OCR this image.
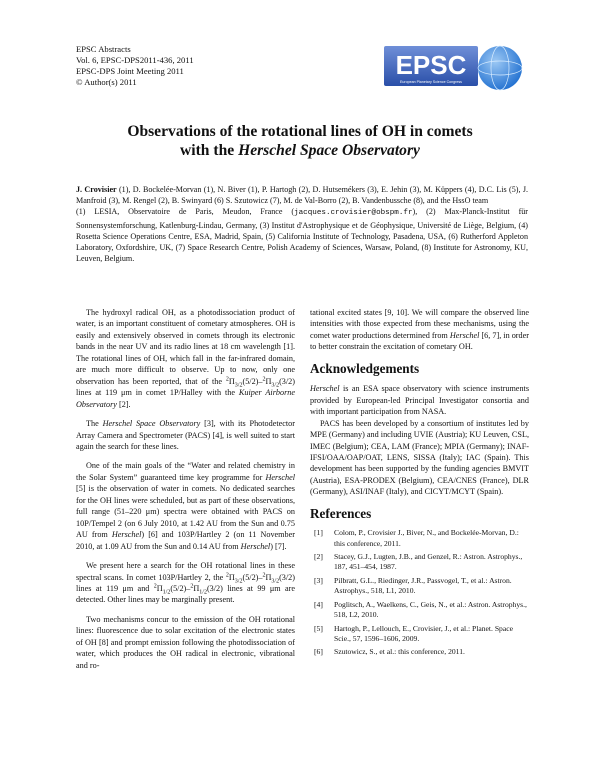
EPSC Abstracts
Vol. 6, EPSC-DPS2011-436, 2011
EPSC-DPS Joint Meeting 2011
© Author(s) 2011
EPSC
European Planetary Science Congress
Observations of the rotational lines of OH in comets
with the Herschel Space Observatory
J. Crovisier (1), D. Bockelée-Morvan (1), N. Biver (1), P. Hartogh (2), D. Hutsemékers (3), E. Jehin (3), M. Küppers (4), D.C. Lis (5), J. Manfroid (3), M. Rengel (2), B. Swinyard (6) S. Szutowicz (7), M. de Val-Borro (2), B. Vandenbussche (8), and the HssO team
(1) LESIA, Observatoire de Paris, Meudon, France (jacques.crovisier@obspm.fr), (2) Max-Planck-Institut für Sonnensystemforschung, Katlenburg-Lindau, Germany, (3) Institut d'Astrophysique et de Géophysique, Université de Liège, Belgium, (4) Rosetta Science Operations Centre, ESA, Madrid, Spain, (5) California Institute of Technology, Pasadena, USA, (6) Rutherford Appleton Laboratory, Oxfordshire, UK, (7) Space Research Centre, Polish Academy of Sciences, Warsaw, Poland, (8) Institute for Astronomy, KU, Leuven, Belgium.

The hydroxyl radical OH, as a photodissociation product of water, is an important constituent of cometary atmospheres. OH is easily and extensively observed in comets through its electronic bands in the near UV and its radio lines at 18 cm wavelength [1]. The rotational lines of OH, which fall in the far-infrared domain, are much more difficult to observe. Up to now, only one observation has been reported, that of the $^2\Pi_{3/2}(5/2)-^2\Pi_{3/2}(3/2)$ lines at 119 μm in comet 1P/Halley with the Kuiper Airborne Observatory [2].

The Herschel Space Observatory [3], with its Photodetector Array Camera and Spectrometer (PACS) [4], is well suited to start again the search for these lines.

One of the main goals of the “Water and related chemistry in the Solar System” guaranteed time key programme for Herschel [5] is the observation of water in comets. No dedicated searches for the OH lines were scheduled, but as part of these observations, full range (51–220 μm) spectra were obtained with PACS on 10P/Tempel 2 (on 6 July 2010, at 1.42 AU from the Sun and 0.75 AU from Herschel) [6] and 103P/Hartley 2 (on 11 November 2010, at 1.09 AU from the Sun and 0.14 AU from Herschel) [7].

We present here a search for the OH rotational lines in these spectral scans. In comet 103P/Hartley 2, the $^2\Pi_{3/2}(5/2)-^2\Pi_{3/2}(3/2)$ lines at 119 μm and $^2\Pi_{1/2}(5/2)-^2\Pi_{1/2}(3/2)$ lines at 99 μm are detected. Other lines may be marginally present.

Two mechanisms concur to the emission of the OH rotational lines: fluorescence due to solar excitation of the electronic states of OH [8] and prompt emission following the photodissociation of water, which produces the OH radical in electronic, vibrational and ro-

tational excited states [9, 10]. We will compare the observed line intensities with those expected from these mechanisms, using the comet water productions determined from Herschel [6, 7], in order to better constrain the excitation of cometary OH.

Acknowledgements

Herschel is an ESA space observatory with science instruments provided by European-led Principal Investigator consortia and with important participation from NASA.

PACS has been developed by a consortium of institutes led by MPE (Germany) and including UVIE (Austria); KU Leuven, CSL, IMEC (Belgium); CEA, LAM (France); MPIA (Germany); INAF-IFSI/OAA/OAP/OAT, LENS, SISSA (Italy); IAC (Spain). This development has been supported by the funding agencies BMVIT (Austria), ESA-PRODEX (Belgium), CEA/CNES (France), DLR (Germany), ASI/INAF (Italy), and CICYT/MCYT (Spain).

References
[1] Colom, P., Crovisier J., Biver, N., and Bockelée-Morvan, D.: this conference, 2011.
[2] Stacey, G.J., Lugten, J.B., and Genzel, R.: Astron. Astrophys., 187, 451–454, 1987.
[3] Pilbratt, G.L., Riedinger, J.R., Passvogel, T., et al.: Astron. Astrophys., 518, L1, 2010.
[4] Poglitsch, A., Waelkens, C., Geis, N., et al.: Astron. Astrophys., 518, L2, 2010.
[5] Hartogh, P., Lellouch, E., Crovisier, J., et al.: Planet. Space Scie., 57, 1596–1606, 2009.
[6] Szutowicz, S., et al.: this conference, 2011.
